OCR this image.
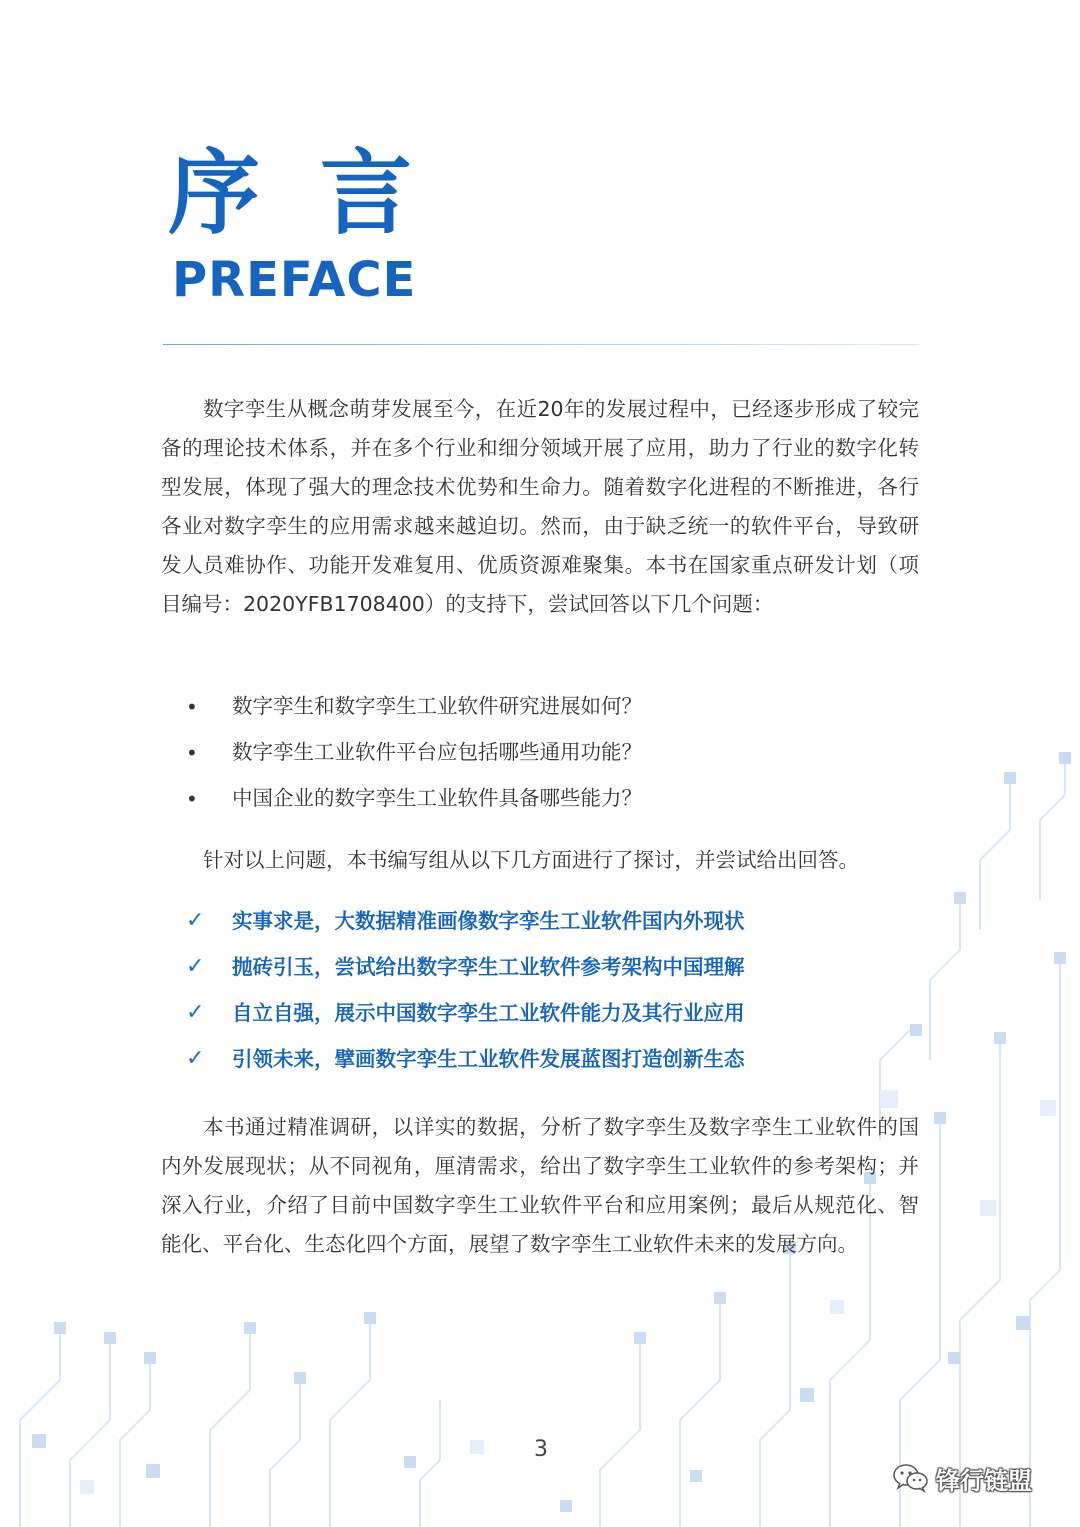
序 言
PREFACE

数字孪生从概念萌芽发展至今，在近20年的发展过程中，已经逐步形成了较完备的理论技术体系，并在多个行业和细分领域开展了应用，助力了行业的数字化转型发展，体现了强大的理念技术优势和生命力。随着数字化进程的不断推进，各行各业对数字孪生的应用需求越来越迫切。然而，由于缺乏统一的软件平台，导致研发人员难协作、功能开发难复用、优质资源难聚集。本书在国家重点研发计划（项目编号：2020YFB1708400）的支持下，尝试回答以下几个问题：

• 数字孪生和数字孪生工业软件研究进展如何？
• 数字孪生工业软件平台应包括哪些通用功能？
• 中国企业的数字孪生工业软件具备哪些能力？

针对以上问题，本书编写组从以下几方面进行了探讨，并尝试给出回答。

✓ 实事求是，大数据精准画像数字孪生工业软件国内外现状
✓ 抛砖引玉，尝试给出数字孪生工业软件参考架构中国理解
✓ 自立自强，展示中国数字孪生工业软件能力及其行业应用
✓ 引领未来，擘画数字孪生工业软件发展蓝图打造创新生态

本书通过精准调研，以详实的数据，分析了数字孪生及数字孪生工业软件的国内外发展现状；从不同视角，厘清需求，给出了数字孪生工业软件的参考架构；并深入行业，介绍了目前中国数字孪生工业软件平台和应用案例；最后从规范化、智能化、平台化、生态化四个方面，展望了数字孪生工业软件未来的发展方向。

3
锋行链盟
